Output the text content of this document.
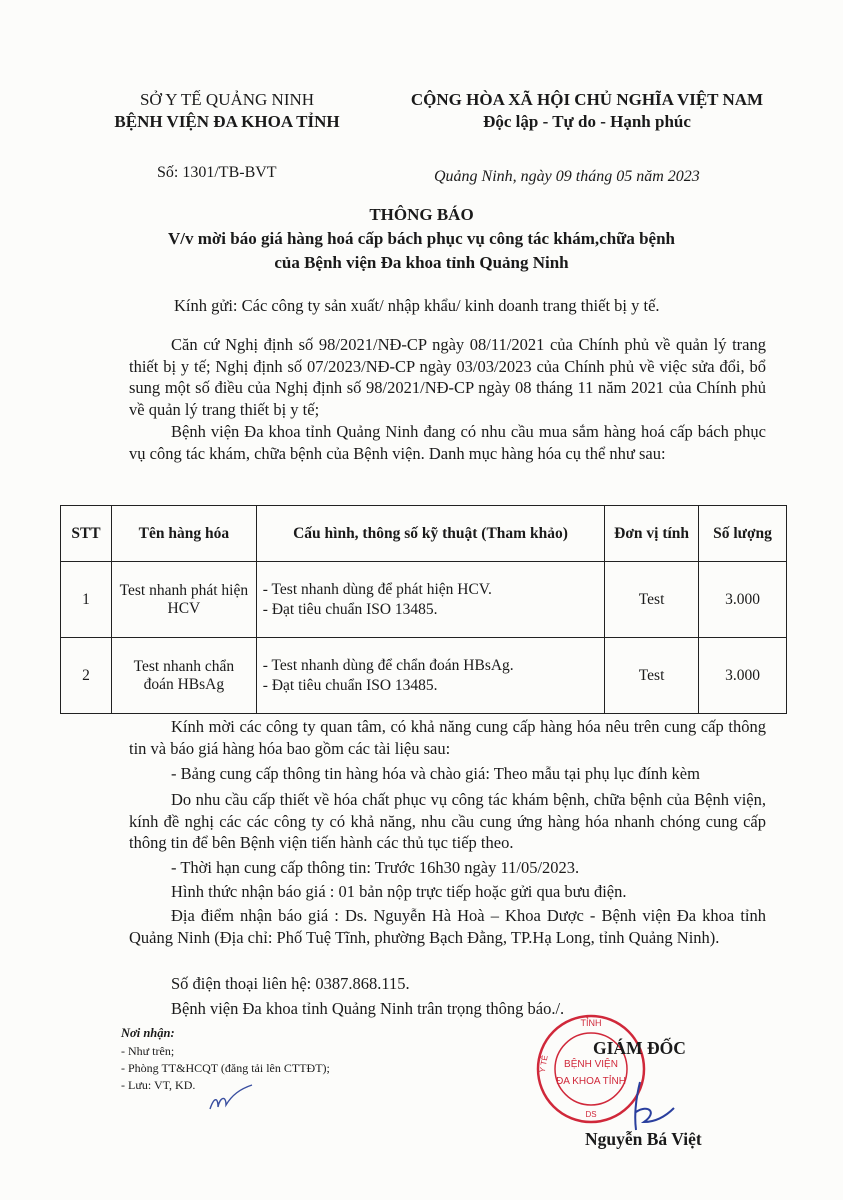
SỞ Y TẾ QUẢNG NINH
BỆNH VIỆN ĐA KHOA TỈNH
Số: 1301/TB-BVT
CỘNG HÒA XÃ HỘI CHỦ NGHĨA VIỆT NAM
Độc lập - Tự do - Hạnh phúc
Quảng Ninh, ngày 09 tháng 05 năm 2023
THÔNG BÁO
V/v mời báo giá hàng hoá cấp bách phục vụ công tác khám,chữa bệnh
của Bệnh viện Đa khoa tỉnh Quảng Ninh
Kính gửi: Các công ty sản xuất/ nhập khẩu/ kinh doanh trang thiết bị y tế.
Căn cứ Nghị định số 98/2021/NĐ-CP ngày 08/11/2021 của Chính phủ về quản lý trang thiết bị y tế; Nghị định số 07/2023/NĐ-CP ngày 03/03/2023 của Chính phủ về việc sửa đổi, bổ sung một số điều của Nghị định số 98/2021/NĐ-CP ngày 08 tháng 11 năm 2021 của Chính phủ về quản lý trang thiết bị y tế;
Bệnh viện Đa khoa tỉnh Quảng Ninh đang có nhu cầu mua sắm hàng hoá cấp bách phục vụ công tác khám, chữa bệnh của Bệnh viện. Danh mục hàng hóa cụ thể như sau:
STT	Tên hàng hóa	Cấu hình, thông số kỹ thuật (Tham khảo)	Đơn vị tính	Số lượng
1	Test nhanh phát hiện HCV	- Test nhanh dùng để phát hiện HCV.
- Đạt tiêu chuẩn ISO 13485.	Test	3.000
2	Test nhanh chẩn đoán HBsAg	- Test nhanh dùng để chẩn đoán HBsAg.
- Đạt tiêu chuẩn ISO 13485.	Test	3.000
Kính mời các công ty quan tâm, có khả năng cung cấp hàng hóa nêu trên cung cấp thông tin và báo giá hàng hóa bao gồm các tài liệu sau:
- Bảng cung cấp thông tin hàng hóa và chào giá: Theo mẫu tại phụ lục đính kèm
Do nhu cầu cấp thiết về hóa chất phục vụ công tác khám bệnh, chữa bệnh của Bệnh viện, kính đề nghị các các công ty có khả năng, nhu cầu cung ứng hàng hóa nhanh chóng cung cấp thông tin để bên Bệnh viện tiến hành các thủ tục tiếp theo.
- Thời hạn cung cấp thông tin: Trước 16h30 ngày 11/05/2023.
Hình thức nhận báo giá : 01 bản nộp trực tiếp hoặc gửi qua bưu điện.
Địa điểm nhận báo giá : Ds. Nguyễn Hà Hoà – Khoa Dược - Bệnh viện Đa khoa tỉnh Quảng Ninh (Địa chỉ: Phố Tuệ Tĩnh, phường Bạch Đằng, TP.Hạ Long, tỉnh Quảng Ninh).
Số điện thoại liên hệ: 0387.868.115.
Bệnh viện Đa khoa tỉnh Quảng Ninh trân trọng thông báo./.
Nơi nhận:
- Như trên;
- Phòng TT&HCQT (đăng tải lên CTTĐT);
- Lưu: VT, KD.
TỈNH
Y TẾ
DS
BỆNH VIỆN
ĐA KHOA TỈNH
GIÁM ĐỐC
Nguyễn Bá Việt
